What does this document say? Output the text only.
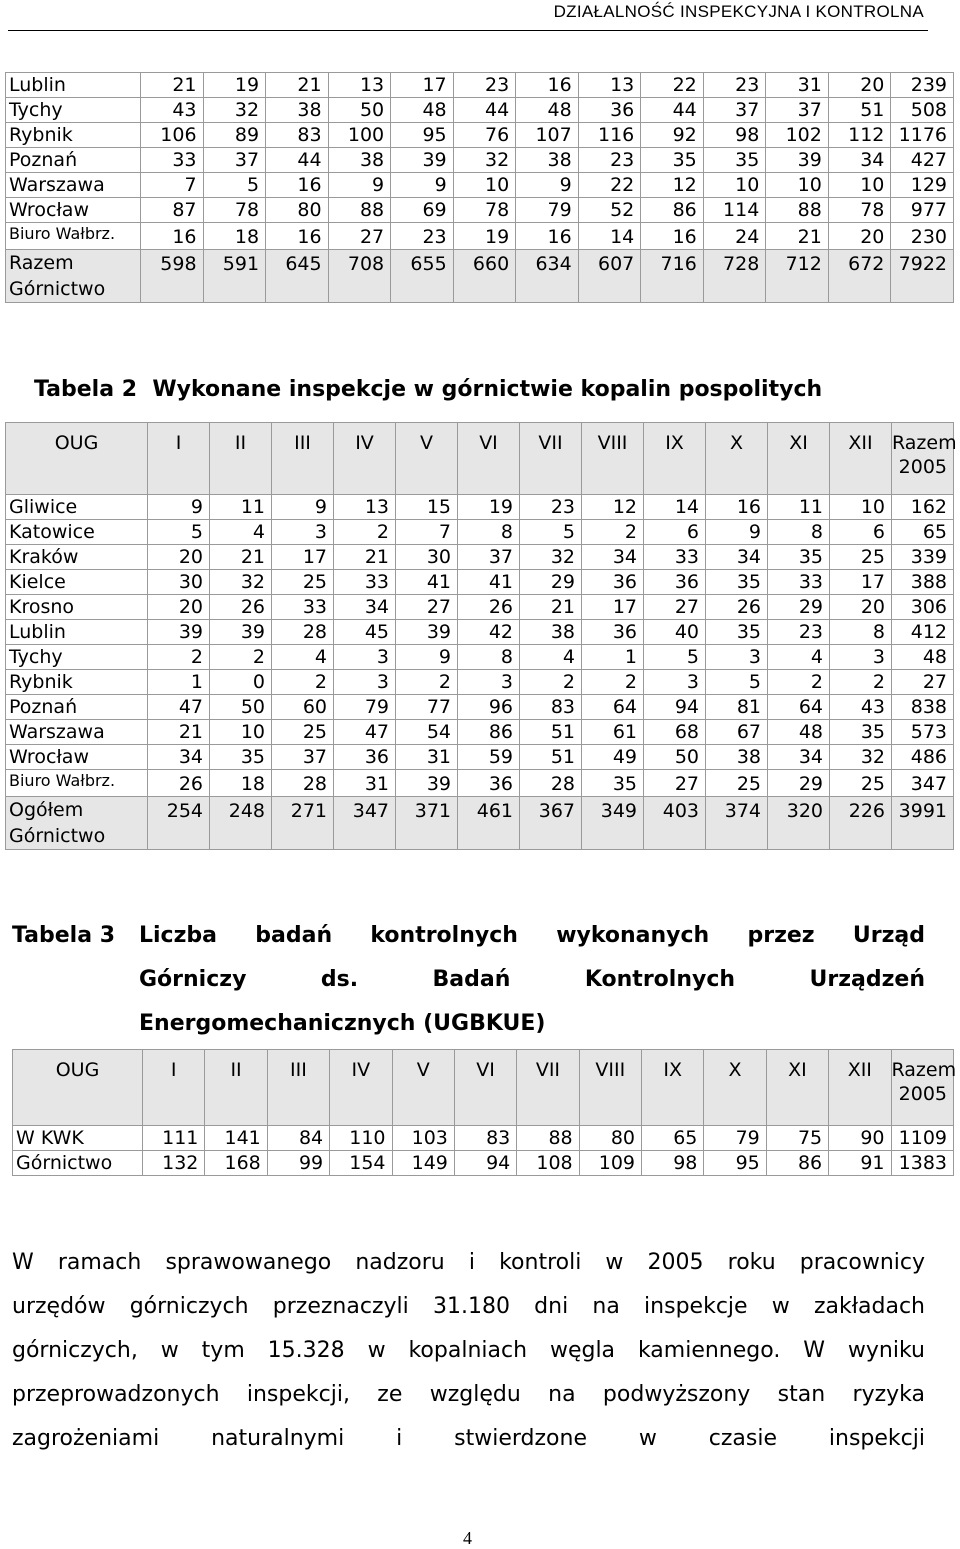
DZIAŁALNOŚĆ INSPEKCYJNA I KONTROLNA
Lublin	21	19	21	13	17	23	16	13	22	23	31	20	239
Tychy	43	32	38	50	48	44	48	36	44	37	37	51	508
Rybnik	106	89	83	100	95	76	107	116	92	98	102	112	1176
Poznań	33	37	44	38	39	32	38	23	35	35	39	34	427
Warszawa	7	5	16	9	9	10	9	22	12	10	10	10	129
Wrocław	87	78	80	88	69	78	79	52	86	114	88	78	977
Biuro Wałbrz.	16	18	16	27	23	19	16	14	16	24	21	20	230
Razem Górnictwo	598	591	645	708	655	660	634	607	716	728	712	672	7922
Tabela 2 Wykonane inspekcje w górnictwie kopalin pospolitych
OUG	I	II	III	IV	V	VI	VII	VIII	IX	X	XI	XII	Razem 2005
Gliwice	9	11	9	13	15	19	23	12	14	16	11	10	162
Katowice	5	4	3	2	7	8	5	2	6	9	8	6	65
Kraków	20	21	17	21	30	37	32	34	33	34	35	25	339
Kielce	30	32	25	33	41	41	29	36	36	35	33	17	388
Krosno	20	26	33	34	27	26	21	17	27	26	29	20	306
Lublin	39	39	28	45	39	42	38	36	40	35	23	8	412
Tychy	2	2	4	3	9	8	4	1	5	3	4	3	48
Rybnik	1	0	2	3	2	3	2	2	3	5	2	2	27
Poznań	47	50	60	79	77	96	83	64	94	81	64	43	838
Warszawa	21	10	25	47	54	86	51	61	68	67	48	35	573
Wrocław	34	35	37	36	31	59	51	49	50	38	34	32	486
Biuro Wałbrz.	26	18	28	31	39	36	28	35	27	25	29	25	347
Ogółem Górnictwo	254	248	271	347	371	461	367	349	403	374	320	226	3991
Tabela 3	Liczba badań kontrolnych wykonanych przez Urząd
Górniczy ds. Badań Kontrolnych Urządzeń
Energomechanicznych (UGBKUE)
OUG	I	II	III	IV	V	VI	VII	VIII	IX	X	XI	XII	Razem 2005
W KWK	111	141	84	110	103	83	88	80	65	79	75	90	1109
Górnictwo	132	168	99	154	149	94	108	109	98	95	86	91	1383
W ramach sprawowanego nadzoru i kontroli w 2005 roku pracownicy
urzędów górniczych przeznaczyli 31.180 dni na inspekcje w zakładach
górniczych, w tym 15.328 w kopalniach węgla kamiennego. W wyniku
przeprowadzonych inspekcji, ze względu na podwyższony stan ryzyka
zagrożeniami naturalnymi i stwierdzone w czasie inspekcji
4
